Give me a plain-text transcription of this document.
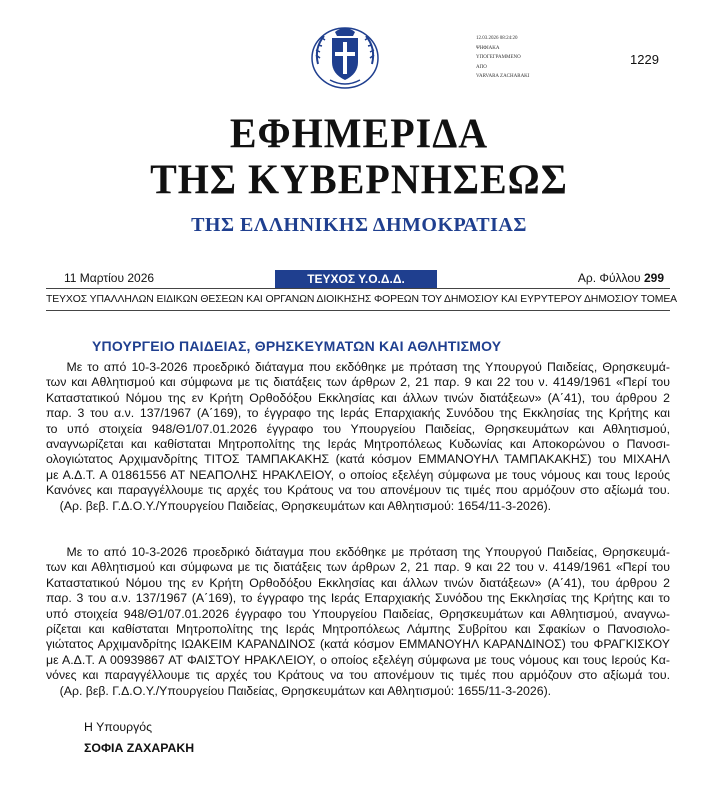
12.03.2026 08:24:20
ΨΗΦΙΑΚΑ
ΥΠΟΓΕΓΡΑΜΜΕΝΟ
ΑΠΟ
VARVARA ZACHARAKI
1229
ΕΦΗΜΕΡΙΔΑ
ΤΗΣ ΚΥΒΕΡΝΗΣΕΩΣ
ΤΗΣ ΕΛΛΗΝΙΚΗΣ ΔΗΜΟΚΡΑΤΙΑΣ
11 Μαρτίου 2026	ΤΕΥΧΟΣ Υ.Ο.Δ.Δ.	Αρ. Φύλλου 299
ΤΕΥΧΟΣ ΥΠΑΛΛΗΛΩΝ ΕΙΔΙΚΩΝ ΘΕΣΕΩΝ ΚΑΙ ΟΡΓΑΝΩΝ ΔΙΟΙΚΗΣΗΣ ΦΟΡΕΩΝ ΤΟΥ ΔΗΜΟΣΙΟΥ ΚΑΙ ΕΥΡΥΤΕΡΟΥ ΔΗΜΟΣΙΟΥ ΤΟΜΕΑ
ΥΠΟΥΡΓΕΙΟ ΠΑΙΔΕΙΑΣ, ΘΡΗΣΚΕΥΜΑΤΩΝ ΚΑΙ ΑΘΛΗΤΙΣΜΟΥ
Με το από 10-3-2026 προεδρικό διάταγμα που εκδόθηκε με πρόταση της Υπουργού Παιδείας, Θρησκευμά-
των και Αθλητισμού και σύμφωνα με τις διατάξεις των άρθρων 2, 21 παρ. 9 και 22 του ν. 4149/1961 «Περί του
Καταστατικού Νόμου της εν Κρήτη Ορθοδόξου Εκκλησίας και άλλων τινών διατάξεων» (Α΄41), του άρθρου 2
παρ. 3 του α.ν. 137/1967 (Α΄169), το έγγραφο της Ιεράς Επαρχιακής Συνόδου της Εκκλησίας της Κρήτης και
το υπό στοιχεία 948/Θ1/07.01.2026 έγγραφο του Υπουργείου Παιδείας, Θρησκευμάτων και Αθλητισμού,
αναγνωρίζεται και καθίσταται Μητροπολίτης της Ιεράς Μητροπόλεως Κυδωνίας και Αποκορώνου ο Πανοσι-
ολογιώτατος Αρχιμανδρίτης ΤΙΤΟΣ ΤΑΜΠΑΚΑΚΗΣ (κατά κόσμον ΕΜΜΑΝΟΥΗΛ ΤΑΜΠΑΚΑΚΗΣ) του ΜΙΧΑΗΛ
με Α.Δ.Τ. Α 01861556 ΑΤ ΝΕΑΠΟΛΗΣ ΗΡΑΚΛΕΙΟΥ, ο οποίος εξελέγη σύμφωνα με τους νόμους και τους Ιερούς
Κανόνες και παραγγέλλουμε τις αρχές του Κράτους να του απονέμουν τις τιμές που αρμόζουν στο αξίωμά του.
(Αρ. βεβ. Γ.Δ.Ο.Υ./Υπουργείου Παιδείας, Θρησκευμάτων και Αθλητισμού: 1654/11-3-2026).
Με το από 10-3-2026 προεδρικό διάταγμα που εκδόθηκε με πρόταση της Υπουργού Παιδείας, Θρησκευμά-
των και Αθλητισμού και σύμφωνα με τις διατάξεις των άρθρων 2, 21 παρ. 9 και 22 του ν. 4149/1961 «Περί του
Καταστατικού Νόμου της εν Κρήτη Ορθοδόξου Εκκλησίας και άλλων τινών διατάξεων» (Α΄41), του άρθρου 2
παρ. 3 του α.ν. 137/1967 (Α΄169), το έγγραφο της Ιεράς Επαρχιακής Συνόδου της Εκκλησίας της Κρήτης και το
υπό στοιχεία 948/Θ1/07.01.2026 έγγραφο του Υπουργείου Παιδείας, Θρησκευμάτων και Αθλητισμού, αναγνω-
ρίζεται και καθίσταται Μητροπολίτης της Ιεράς Μητροπόλεως Λάμπης Συβρίτου και Σφακίων ο Πανοσιολο-
γιώτατος Αρχιμανδρίτης ΙΩΑΚΕΙΜ ΚΑΡΑΝΔΙΝΟΣ (κατά κόσμον ΕΜΜΑΝΟΥΗΛ ΚΑΡΑΝΔΙΝΟΣ) του ΦΡΑΓΚΙΣΚΟΥ
με Α.Δ.Τ. Α 00939867 ΑΤ ΦΑΙΣΤΟΥ ΗΡΑΚΛΕΙΟΥ, ο οποίος εξελέγη σύμφωνα με τους νόμους και τους Ιερούς Κα-
νόνες και παραγγέλλουμε τις αρχές του Κράτους να του απονέμουν τις τιμές που αρμόζουν στο αξίωμά του.
(Αρ. βεβ. Γ.Δ.Ο.Υ./Υπουργείου Παιδείας, Θρησκευμάτων και Αθλητισμού: 1655/11-3-2026).
Η Υπουργός
ΣΟΦΙΑ ΖΑΧΑΡΑΚΗ
